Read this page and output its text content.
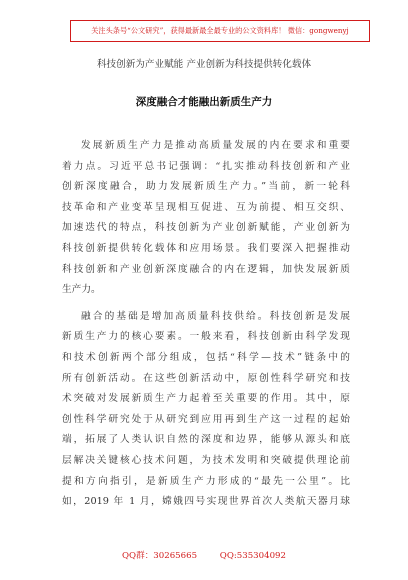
关注头条号“公文研究”，获得最新最全最专业的公文资料库！ 微信：gongwenyj
科技创新为产业赋能 产业创新为科技提供转化载体
深度融合才能融出新质生产力
发展新质生产力是推动高质量发展的内在要求和重要
着力点。习近平总书记强调：“扎实推动科技创新和产业
创新深度融合，助力发展新质生产力。”当前，新一轮科
技革命和产业变革呈现相互促进、互为前提、相互交织、
加速迭代的特点，科技创新为产业创新赋能，产业创新为
科技创新提供转化载体和应用场景。我们要深入把握推动
科技创新和产业创新深度融合的内在逻辑，加快发展新质
生产力。
融合的基础是增加高质量科技供给。科技创新是发展
新质生产力的核心要素。一般来看，科技创新由科学发现
和技术创新两个部分组成，包括“科学—技术”链条中的
所有创新活动。在这些创新活动中，原创性科学研究和技
术突破对发展新质生产力起着至关重要的作用。其中，原
创性科学研究处于从研究到应用再到生产这一过程的起始
端，拓展了人类认识自然的深度和边界，能够从源头和底
层解决关键核心技术问题，为技术发明和突破提供理论前
提和方向指引，是新质生产力形成的“最先一公里”。比
如，2019 年 1 月，嫦娥四号实现世界首次人类航天器月球
QQ群：30265665	QQ:535304092
